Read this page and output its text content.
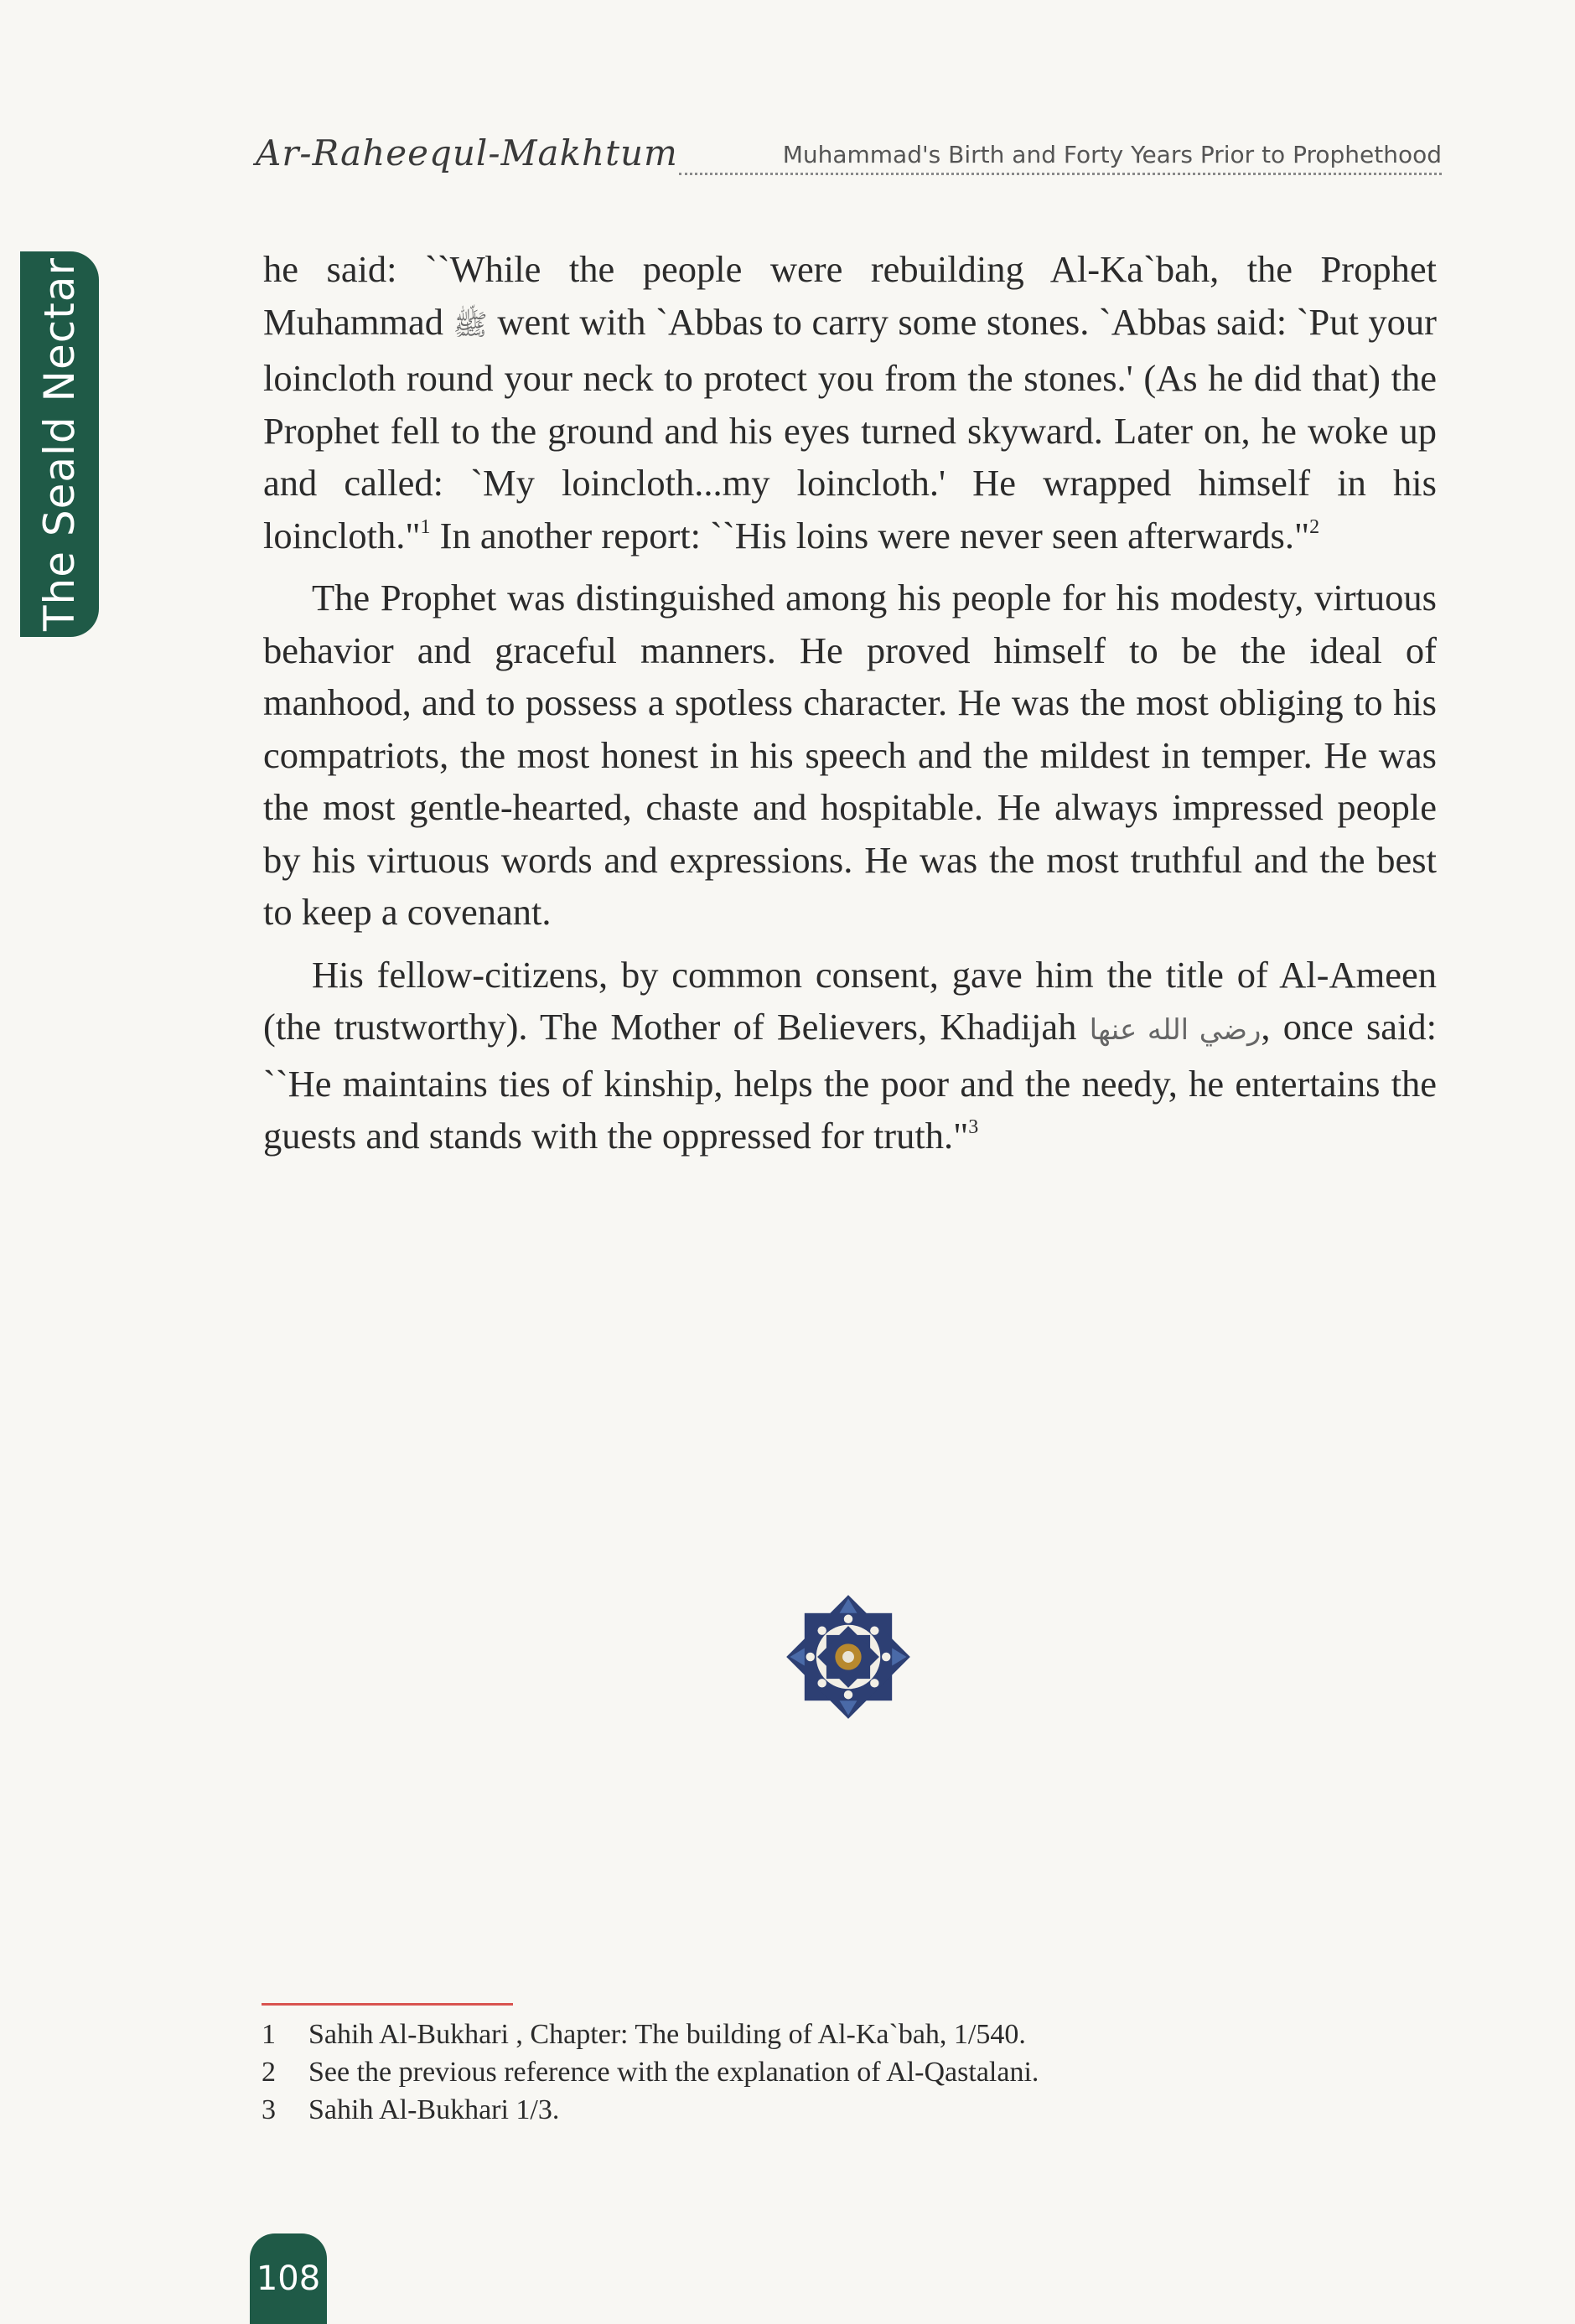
The Seald Nectar
Ar-Raheequl-Makhtum	Muhammad's Birth and Forty Years Prior to Prophethood

he said: ``While the people were rebuilding Al-Ka`bah, the Prophet Muhammad ﷺ went with `Abbas to carry some stones. `Abbas said: `Put your loincloth round your neck to protect you from the stones.' (As he did that) the Prophet fell to the ground and his eyes turned skyward. Later on, he woke up and called: `My loincloth...my loincloth.' He wrapped himself in his loincloth."$^1$ In another report: ``His loins were never seen afterwards."$^2$

The Prophet was distinguished among his people for his modesty, virtuous behavior and graceful manners. He proved himself to be the ideal of manhood, and to possess a spotless character. He was the most obliging to his compatriots, the most honest in his speech and the mildest in temper. He was the most gentle-hearted, chaste and hospitable. He always impressed people by his virtuous words and expressions. He was the most truthful and the best to keep a covenant.

His fellow-citizens, by common consent, gave him the title of Al-Ameen (the trustworthy). The Mother of Believers, Khadijah رضي الله عنها, once said: ``He maintains ties of kinship, helps the poor and the needy, he entertains the guests and stands with the oppressed for truth."$^3$

1	Sahih Al-Bukhari , Chapter: The building of Al-Ka`bah, 1/540.
2	See the previous reference with the explanation of Al-Qastalani.
3	Sahih Al-Bukhari 1/3.
108
